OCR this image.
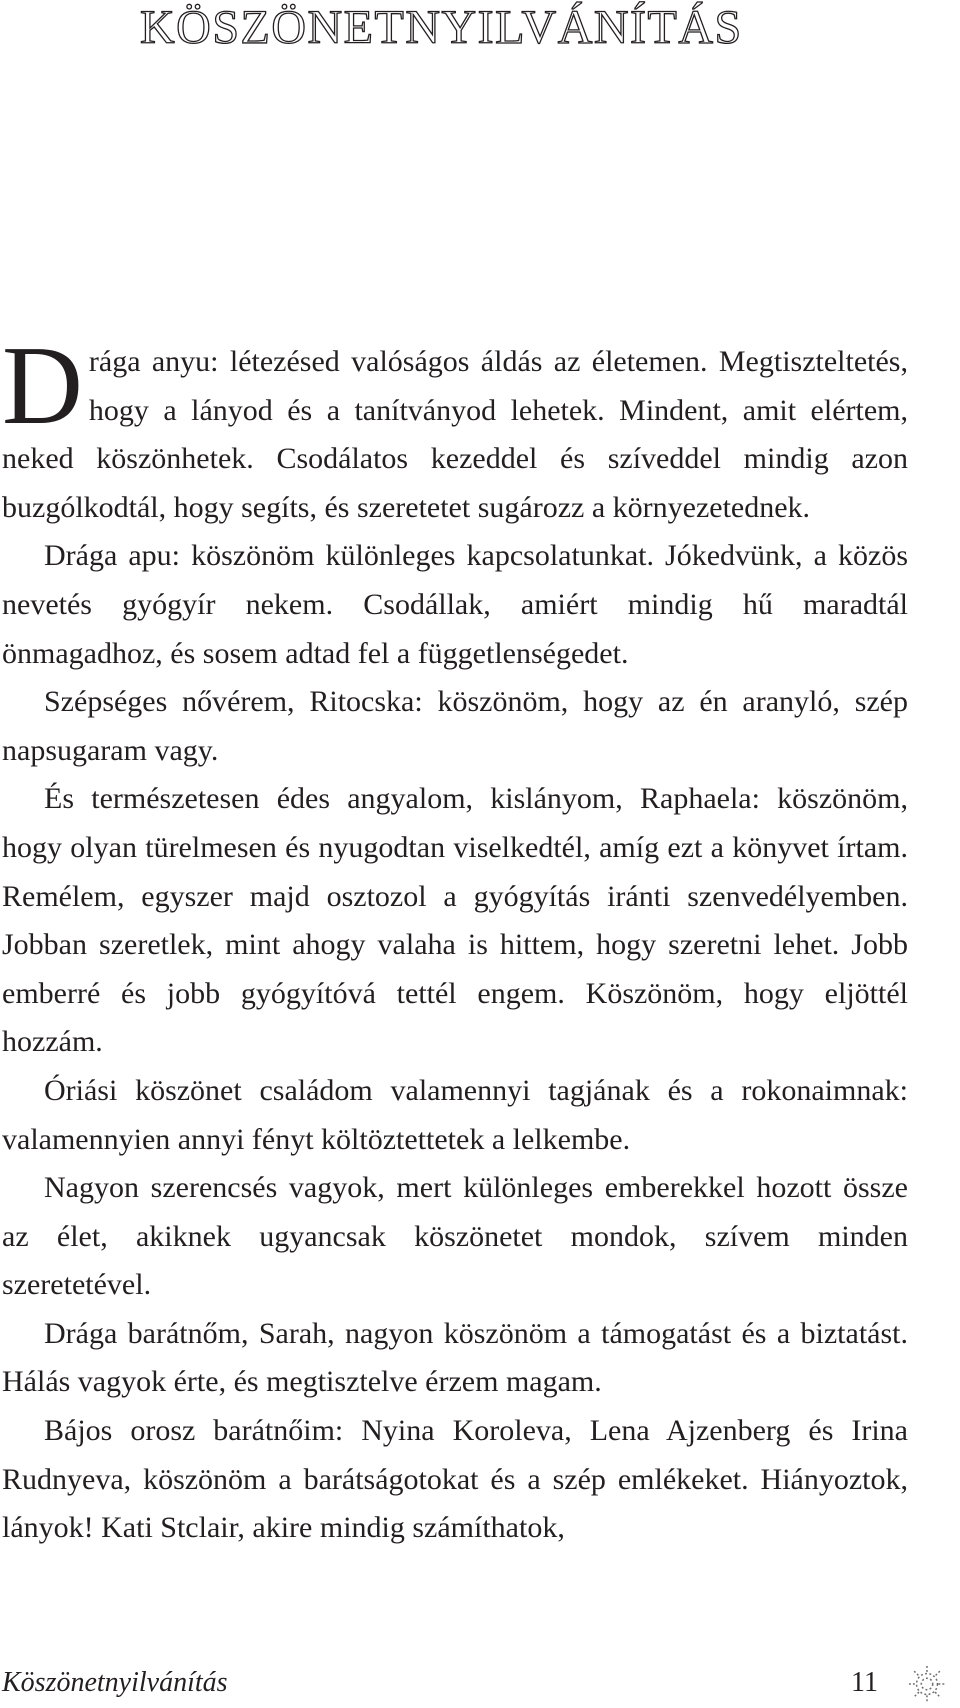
KÖSZÖNETNYILVÁNÍTÁS

Drága anyu: létezésed valóságos áldás az életemen. Megtiszteltetés, hogy a lányod és a tanítványod lehetek. Mindent, amit elértem, neked köszönhetek. Csodálatos kezeddel és szíveddel mindig azon buzgólkodtál, hogy segíts, és szeretetet sugározz a környezetednek.

Drága apu: köszönöm különleges kapcsolatunkat. Jókedvünk, a közös nevetés gyógyír nekem. Csodállak, amiért mindig hű maradtál önmagadhoz, és sosem adtad fel a függetlenségedet.

Szépséges nővérem, Ritocska: köszönöm, hogy az én aranyló, szép napsugaram vagy.

És természetesen édes angyalom, kislányom, Raphaela: köszönöm, hogy olyan türelmesen és nyugodtan viselkedtél, amíg ezt a könyvet írtam. Remélem, egyszer majd osztozol a gyógyítás iránti szenvedélyemben. Jobban szeretlek, mint ahogy valaha is hittem, hogy szeretni lehet. Jobb emberré és jobb gyógyítóvá tettél engem. Köszönöm, hogy eljöttél hozzám.

Óriási köszönet családom valamennyi tagjának és a rokonaimnak: valamennyien annyi fényt költöztettetek a lelkembe.

Nagyon szerencsés vagyok, mert különleges emberekkel hozott össze az élet, akiknek ugyancsak köszönetet mondok, szívem minden szeretetével.

Drága barátnőm, Sarah, nagyon köszönöm a támogatást és a biztatást. Hálás vagyok érte, és megtisztelve érzem magam.

Bájos orosz barátnőim: Nyina Koroleva, Lena Ajzenberg és Irina Rudnyeva, köszönöm a barátságotokat és a szép emlékeket. Hiányoztok, lányok! Kati Stclair, akire mindig számíthatok,

Köszönetnyilvánítás	11
